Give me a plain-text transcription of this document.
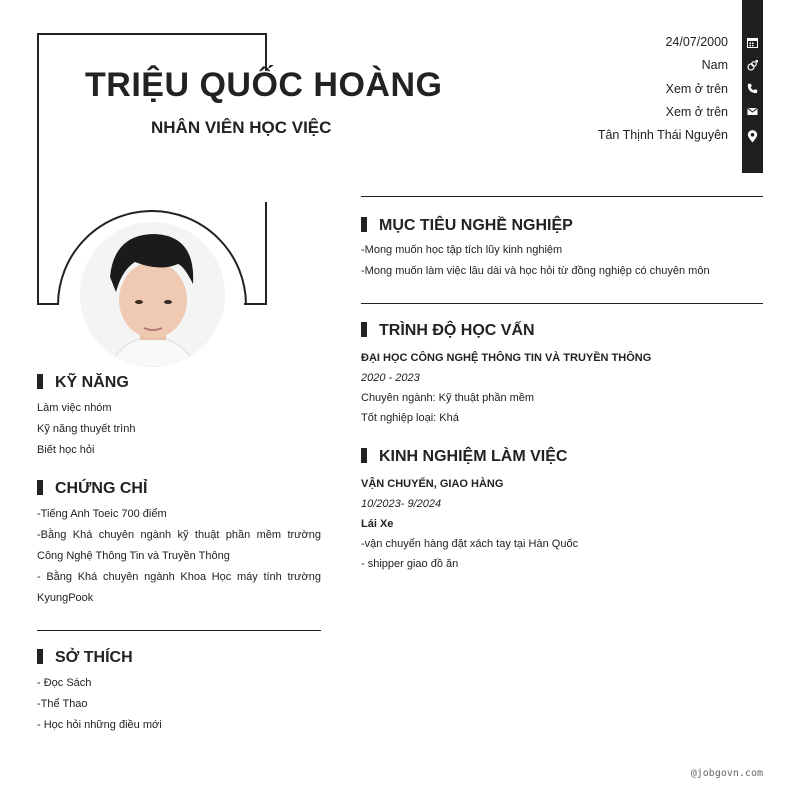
TRIỆU QUỐC HOÀNG
NHÂN VIÊN HỌC VIỆC
24/07/2000
Nam
Xem ở trên
Xem ở trên
Tân Thịnh Thái Nguyên
KỸ NĂNG
Làm việc nhóm
Kỹ năng thuyết trình
Biết học hỏi
CHỨNG CHỈ
-Tiếng Anh Toeic 700 điểm
-Bằng Khá chuyên ngành kỹ thuật phần mềm trường Công Nghệ Thông Tin và Truyền Thông
- Bằng Khá chuyên ngành Khoa Học máy tính trường KyungPook
SỞ THÍCH
- Đọc Sách
-Thể Thao
- Học hỏi những điều mới
MỤC TIÊU NGHỀ NGHIỆP
-Mong muốn học tập tích lũy kinh nghiệm
-Mong muốn làm việc lâu dài và học hỏi từ đồng nghiệp có chuyên môn
TRÌNH ĐỘ HỌC VẤN
ĐẠI HỌC CÔNG NGHỆ THÔNG TIN VÀ TRUYỀN THÔNG
2020 - 2023
Chuyên ngành: Kỹ thuật phần mềm
Tốt nghiệp loại: Khá
KINH NGHIỆM LÀM VIỆC
VẬN CHUYỂN, GIAO HÀNG
10/2023- 9/2024
Lái Xe
-vận chuyển hàng đặt xách tay tại Hàn Quốc
- shipper giao đồ ăn
@jobgovn.com
